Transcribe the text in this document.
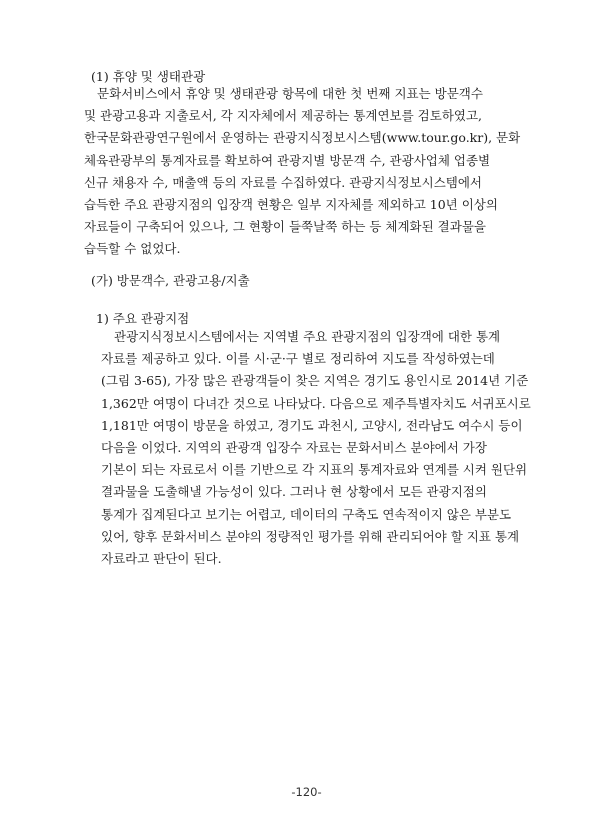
(1) 휴양 및 생태관광
문화서비스에서 휴양 및 생태관광 항목에 대한 첫 번째 지표는 방문객수
및 관광고용과 지출로서, 각 지자체에서 제공하는 통계연보를 검토하였고,
한국문화관광연구원에서 운영하는 관광지식정보시스템(www.tour.go.kr), 문화
체육관광부의 통계자료를 확보하여 관광지별 방문객 수, 관광사업체 업종별
신규 채용자 수, 매출액 등의 자료를 수집하였다. 관광지식정보시스템에서
습득한 주요 관광지점의 입장객 현황은 일부 지자체를 제외하고 10년 이상의
자료들이 구축되어 있으나, 그 현황이 들쭉날쭉 하는 등 체계화된 결과물을
습득할 수 없었다.
(가) 방문객수, 관광고용/지출
1) 주요 관광지점
관광지식정보시스템에서는 지역별 주요 관광지점의 입장객에 대한 통계
자료를 제공하고 있다. 이를 시·군·구 별로 정리하여 지도를 작성하였는데
(그림 3-65), 가장 많은 관광객들이 찾은 지역은 경기도 용인시로 2014년 기준
1,362만 여명이 다녀간 것으로 나타났다. 다음으로 제주특별자치도 서귀포시로
1,181만 여명이 방문을 하였고, 경기도 과천시, 고양시, 전라남도 여수시 등이
다음을 이었다. 지역의 관광객 입장수 자료는 문화서비스 분야에서 가장
기본이 되는 자료로서 이를 기반으로 각 지표의 통계자료와 연계를 시켜 원단위
결과물을 도출해낼 가능성이 있다. 그러나 현 상황에서 모든 관광지점의
통계가 집계된다고 보기는 어렵고, 데이터의 구축도 연속적이지 않은 부분도
있어, 향후 문화서비스 분야의 정량적인 평가를 위해 관리되어야 할 지표 통계
자료라고 판단이 된다.
-120-
